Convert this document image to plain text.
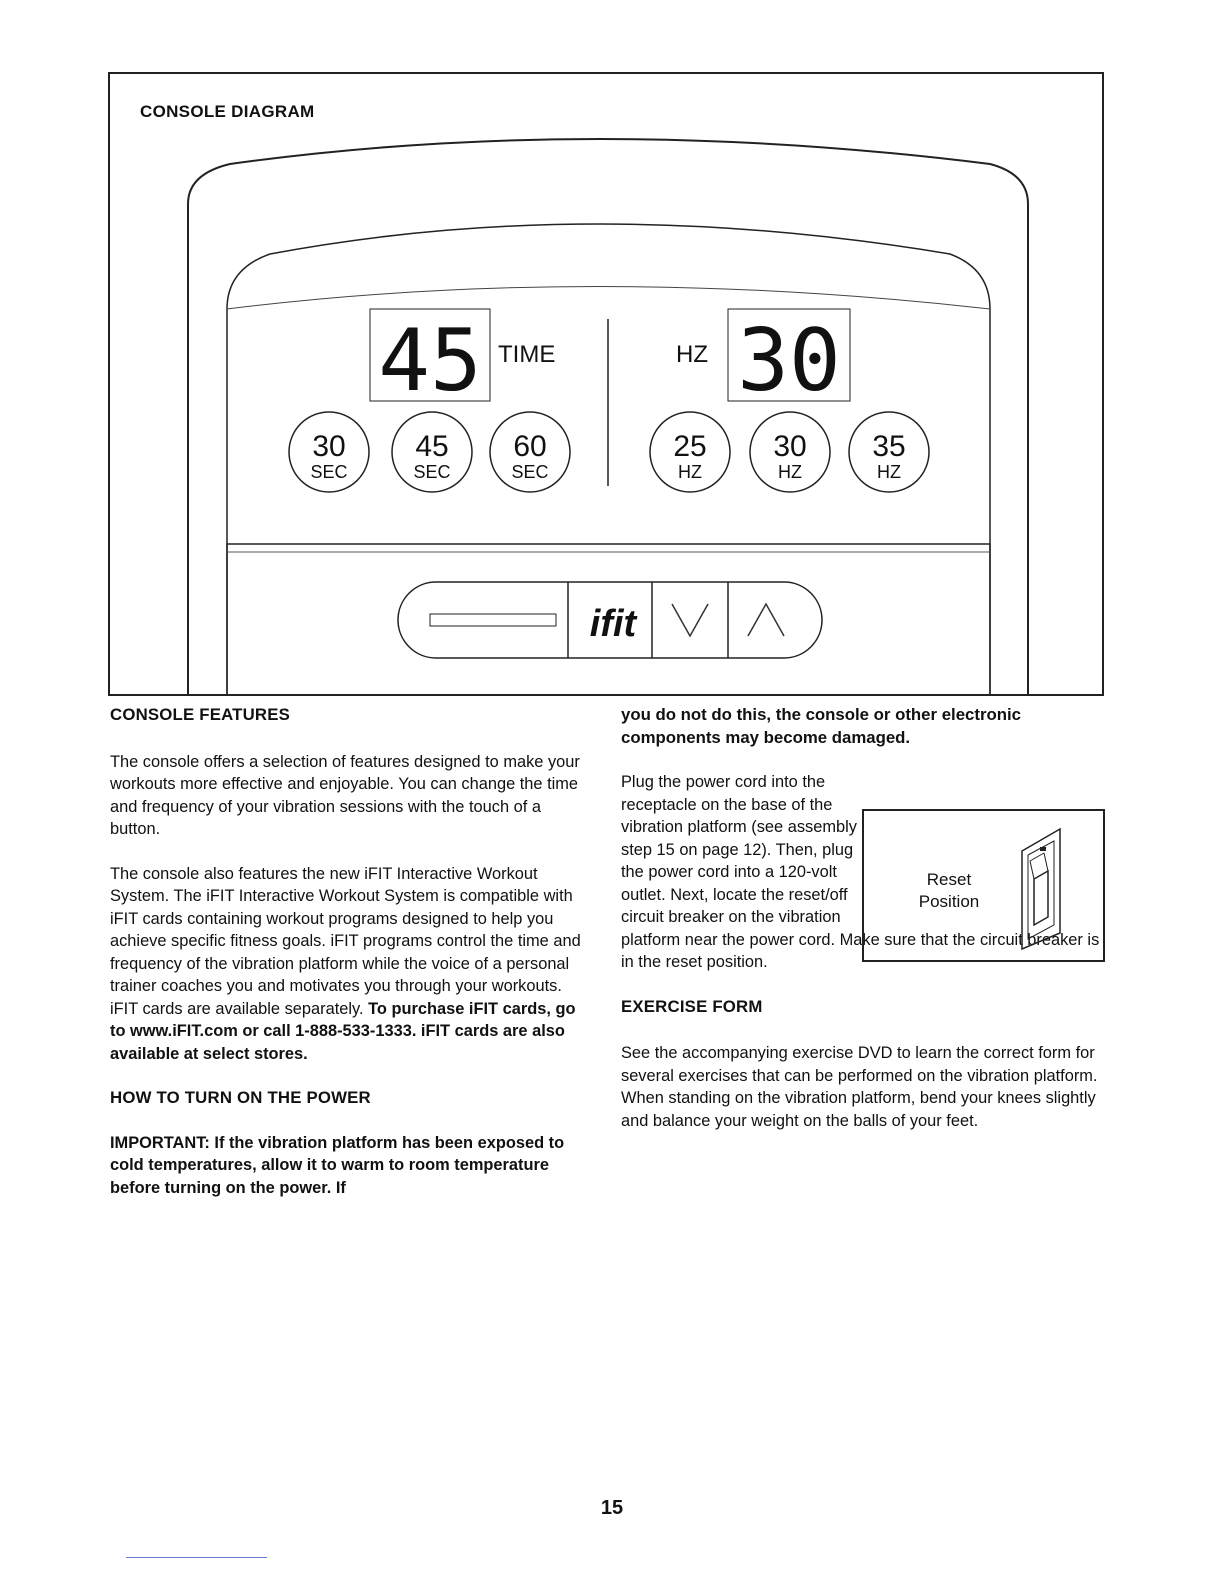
CONSOLE DIAGRAM
45 TIME	HZ 30
30
SEC
45
SEC
60
SEC
25
HZ
30
HZ
35
HZ
ifit

CONSOLE FEATURES

The console offers a selection of features designed to make your workouts more effective and enjoyable. You can change the time and frequency of your vibration sessions with the touch of a button.

The console also features the new iFIT Interactive Workout System. The iFIT Interactive Workout System is compatible with iFIT cards containing workout programs designed to help you achieve specific fitness goals. iFIT programs control the time and frequency of the vibration platform while the voice of a personal trainer coaches you and motivates you through your workouts. iFIT cards are available separately. To purchase iFIT cards, go to www.iFIT.com or call 1-888-533-1333. iFIT cards are also available at select stores.

HOW TO TURN ON THE POWER

IMPORTANT: If the vibration platform has been exposed to cold temperatures, allow it to warm to room temperature before turning on the power. If

you do not do this, the console or other electronic components may become damaged.

Plug the power cord into the receptacle on the base of the vibration platform (see assembly step 15 on page 12). Then, plug the power cord into a 120-volt outlet. Next, locate the reset/off circuit breaker on the vibration platform near the power cord. Make sure that the circuit breaker is in the reset position.

EXERCISE FORM

See the accompanying exercise DVD to learn the correct form for several exercises that can be performed on the vibration platform. When standing on the vibration platform, bend your knees slightly and balance your weight on the balls of your feet.

Reset
Position
15
